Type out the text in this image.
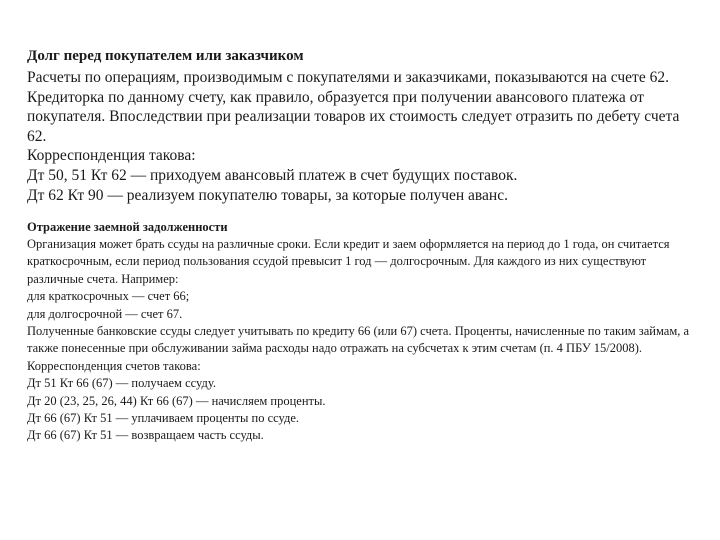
Долг перед покупателем или заказчиком

Расчеты по операциям, производимым с покупателями и заказчиками, показываются на счете 62. Кредиторка по данному счету, как правило, образуется при получении авансового платежа от покупателя. Впоследствии при реализации товаров их стоимость следует отразить по дебету счета 62.

Корреспонденция такова:
Дт 50, 51 Кт 62 — приходуем авансовый платеж в счет будущих поставок.
Дт 62 Кт 90 — реализуем покупателю товары, за которые получен аванс.
Отражение заемной задолженности

Организация может брать ссуды на различные сроки. Если кредит и заем оформляется на период до 1 года, он считается краткосрочным, если период пользования ссудой превысит 1 год — долгосрочным. Для каждого из них существуют различные счета. Например:

для краткосрочных — счет 66;
для долгосрочной — счет 67.

Полученные банковские ссуды следует учитывать по кредиту 66 (или 67) счета. Проценты, начисленные по таким займам, а также понесенные при обслуживании займа расходы надо отражать на субсчетах к этим счетам (п. 4 ПБУ 15/2008).

Корреспонденция счетов такова:
Дт 51 Кт 66 (67) — получаем ссуду.
Дт 20 (23, 25, 26, 44) Кт 66 (67) — начисляем проценты.
Дт 66 (67) Кт 51 — уплачиваем проценты по ссуде.
Дт 66 (67) Кт 51 — возвращаем часть ссуды.
